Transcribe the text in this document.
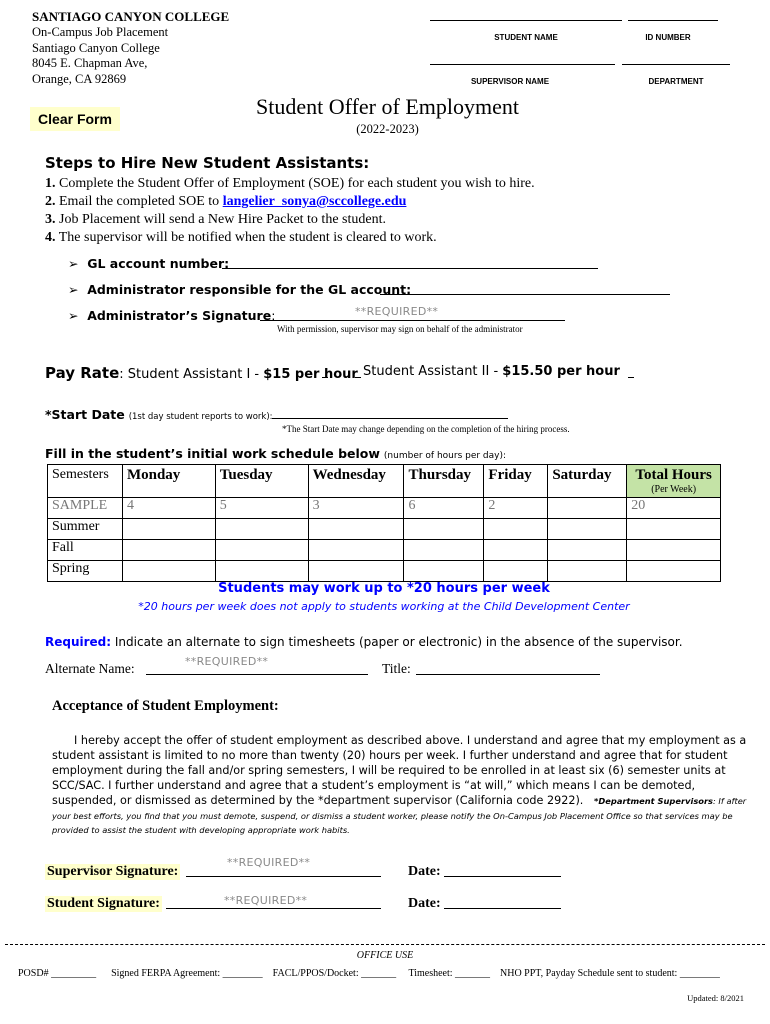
SANTIAGO CANYON COLLEGE
On-Campus Job Placement
Santiago Canyon College
8045 E. Chapman Ave,
Orange, CA 92869
STUDENT NAME	ID NUMBER
SUPERVISOR NAME	DEPARTMENT
Clear Form	Student Offer of Employment
(2022-2023)
Steps to Hire New Student Assistants:

1. Complete the Student Offer of Employment (SOE) for each student you wish to hire.

2. Email the completed SOE to langelier_sonya@sccollege.edu

3. Job Placement will send a New Hire Packet to the student.

4. The supervisor will be notified when the student is cleared to work.

➢  GL account number:
➢  Administrator responsible for the GL account:
➢  Administrator’s Signature:	**REQUIRED**
With permission, supervisor may sign on behalf of the administrator
Pay Rate: Student Assistant I - $15 per hour Student Assistant II - $15.50 per hour
*Start Date (1st day student reports to work):
*The Start Date may change depending on the completion of the hiring process.
Fill in the student’s initial work schedule below (number of hours per day):
Semesters	Monday	Tuesday	Wednesday	Thursday	Friday	Saturday	Total Hours
(Per Week)

SAMPLE	4	5	3	6	2		20
Summer							
Fall							
Spring							
Students may work up to *20 hours per week
*20 hours per week does not apply to students working at the Child Development Center
Required: Indicate an alternate to sign timesheets (paper or electronic) in the absence of the supervisor.
Alternate Name:	**REQUIRED**	Title:
Acceptance of Student Employment:
I hereby accept the offer of student employment as described above. I understand and agree that my employment as a student assistant is limited to no more than twenty (20) hours per week. I further understand and agree that for student employment during the fall and/or spring semesters, I will be required to be enrolled in at least six (6) semester units at SCC/SAC. I further understand and agree that a student’s employment is “at will,” which means I can be demoted, suspended, or dismissed as determined by the *department supervisor (California code 2922). *Department Supervisors: If after your best efforts, you find that you must demote, suspend, or dismiss a student worker, please notify the On-Campus Job Placement Office so that services may be provided to assist the student with developing appropriate work habits.
Supervisor Signature:
**REQUIRED**
Date:
Student Signature:	**REQUIRED**	Date:
OFFICE USE
POSD# _________ Signed FERPA Agreement: ________ FACL/PPOS/Docket: _______ Timesheet: _______ NHO PPT, Payday Schedule sent to student: ________
Updated: 8/2021
